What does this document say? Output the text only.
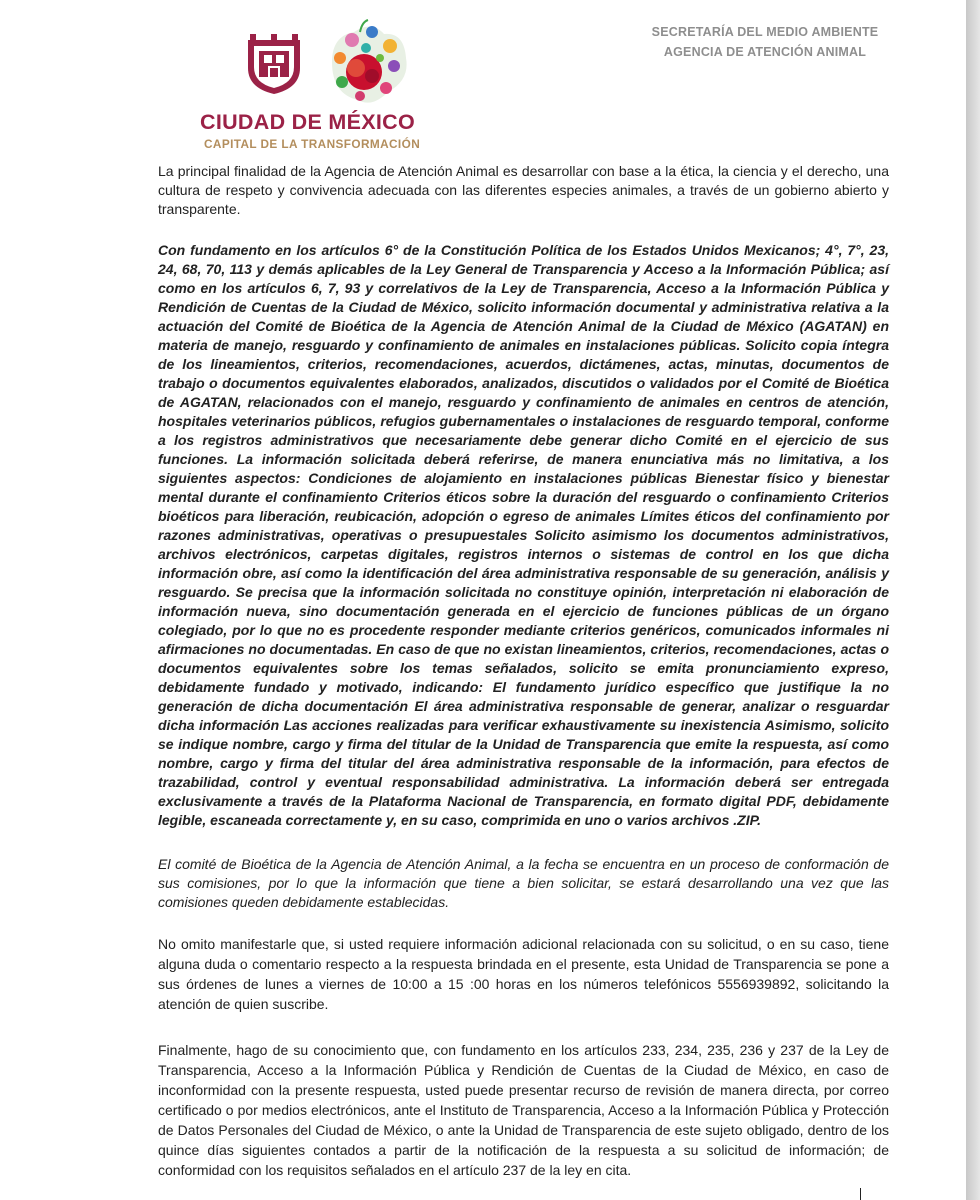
CIUDAD DE MÉXICO
CAPITAL DE LA TRANSFORMACIÓN
SECRETARÍA DEL MEDIO AMBIENTE
AGENCIA DE ATENCIÓN ANIMAL

La principal finalidad de la Agencia de Atención Animal es desarrollar con base a la ética, la ciencia y el derecho, una cultura de respeto y convivencia adecuada con las diferentes especies animales, a través de un gobierno abierto y transparente.

Con fundamento en los artículos 6° de la Constitución Política de los Estados Unidos Mexicanos; 4°, 7°, 23, 24, 68, 70, 113 y demás aplicables de la Ley General de Transparencia y Acceso a la Información Pública; así como en los artículos 6, 7, 93 y correlativos de la Ley de Transparencia, Acceso a la Información Pública y Rendición de Cuentas de la Ciudad de México, solicito información documental y administrativa relativa a la actuación del Comité de Bioética de la Agencia de Atención Animal de la Ciudad de México (AGATAN) en materia de manejo, resguardo y confinamiento de animales en instalaciones públicas. Solicito copia íntegra de los lineamientos, criterios, recomendaciones, acuerdos, dictámenes, actas, minutas, documentos de trabajo o documentos equivalentes elaborados, analizados, discutidos o validados por el Comité de Bioética de AGATAN, relacionados con el manejo, resguardo y confinamiento de animales en centros de atención, hospitales veterinarios públicos, refugios gubernamentales o instalaciones de resguardo temporal, conforme a los registros administrativos que necesariamente debe generar dicho Comité en el ejercicio de sus funciones. La información solicitada deberá referirse, de manera enunciativa más no limitativa, a los siguientes aspectos: Condiciones de alojamiento en instalaciones públicas Bienestar físico y bienestar mental durante el confinamiento Criterios éticos sobre la duración del resguardo o confinamiento Criterios bioéticos para liberación, reubicación, adopción o egreso de animales Límites éticos del confinamiento por razones administrativas, operativas o presupuestales Solicito asimismo los documentos administrativos, archivos electrónicos, carpetas digitales, registros internos o sistemas de control en los que dicha información obre, así como la identificación del área administrativa responsable de su generación, análisis y resguardo. Se precisa que la información solicitada no constituye opinión, interpretación ni elaboración de información nueva, sino documentación generada en el ejercicio de funciones públicas de un órgano colegiado, por lo que no es procedente responder mediante criterios genéricos, comunicados informales ni afirmaciones no documentadas. En caso de que no existan lineamientos, criterios, recomendaciones, actas o documentos equivalentes sobre los temas señalados, solicito se emita pronunciamiento expreso, debidamente fundado y motivado, indicando: El fundamento jurídico específico que justifique la no generación de dicha documentación El área administrativa responsable de generar, analizar o resguardar dicha información Las acciones realizadas para verificar exhaustivamente su inexistencia Asimismo, solicito se indique nombre, cargo y firma del titular de la Unidad de Transparencia que emite la respuesta, así como nombre, cargo y firma del titular del área administrativa responsable de la información, para efectos de trazabilidad, control y eventual responsabilidad administrativa. La información deberá ser entregada exclusivamente a través de la Plataforma Nacional de Transparencia, en formato digital PDF, debidamente legible, escaneada correctamente y, en su caso, comprimida en uno o varios archivos .ZIP.

El comité de Bioética de la Agencia de Atención Animal, a la fecha se encuentra en un proceso de conformación de sus comisiones, por lo que la información que tiene a bien solicitar, se estará desarrollando una vez que las comisiones queden debidamente establecidas.

No omito manifestarle que, si usted requiere información adicional relacionada con su solicitud, o en su caso, tiene alguna duda o comentario respecto a la respuesta brindada en el presente, esta Unidad de Transparencia se pone a sus órdenes de lunes a viernes de 10:00 a 15 :00 horas en los números telefónicos 5556939892, solicitando la atención de quien suscribe.

Finalmente, hago de su conocimiento que, con fundamento en los artículos 233, 234, 235, 236 y 237 de la Ley de Transparencia, Acceso a la Información Pública y Rendición de Cuentas de la Ciudad de México, en caso de inconformidad con la presente respuesta, usted puede presentar recurso de revisión de manera directa, por correo certificado o por medios electrónicos, ante el Instituto de Transparencia, Acceso a la Información Pública y Protección de Datos Personales del Ciudad de México, o ante la Unidad de Transparencia de este sujeto obligado, dentro de los quince días siguientes contados a partir de la notificación de la respuesta a su solicitud de información; de conformidad con los requisitos señalados en el artículo 237 de la ley en cita.
